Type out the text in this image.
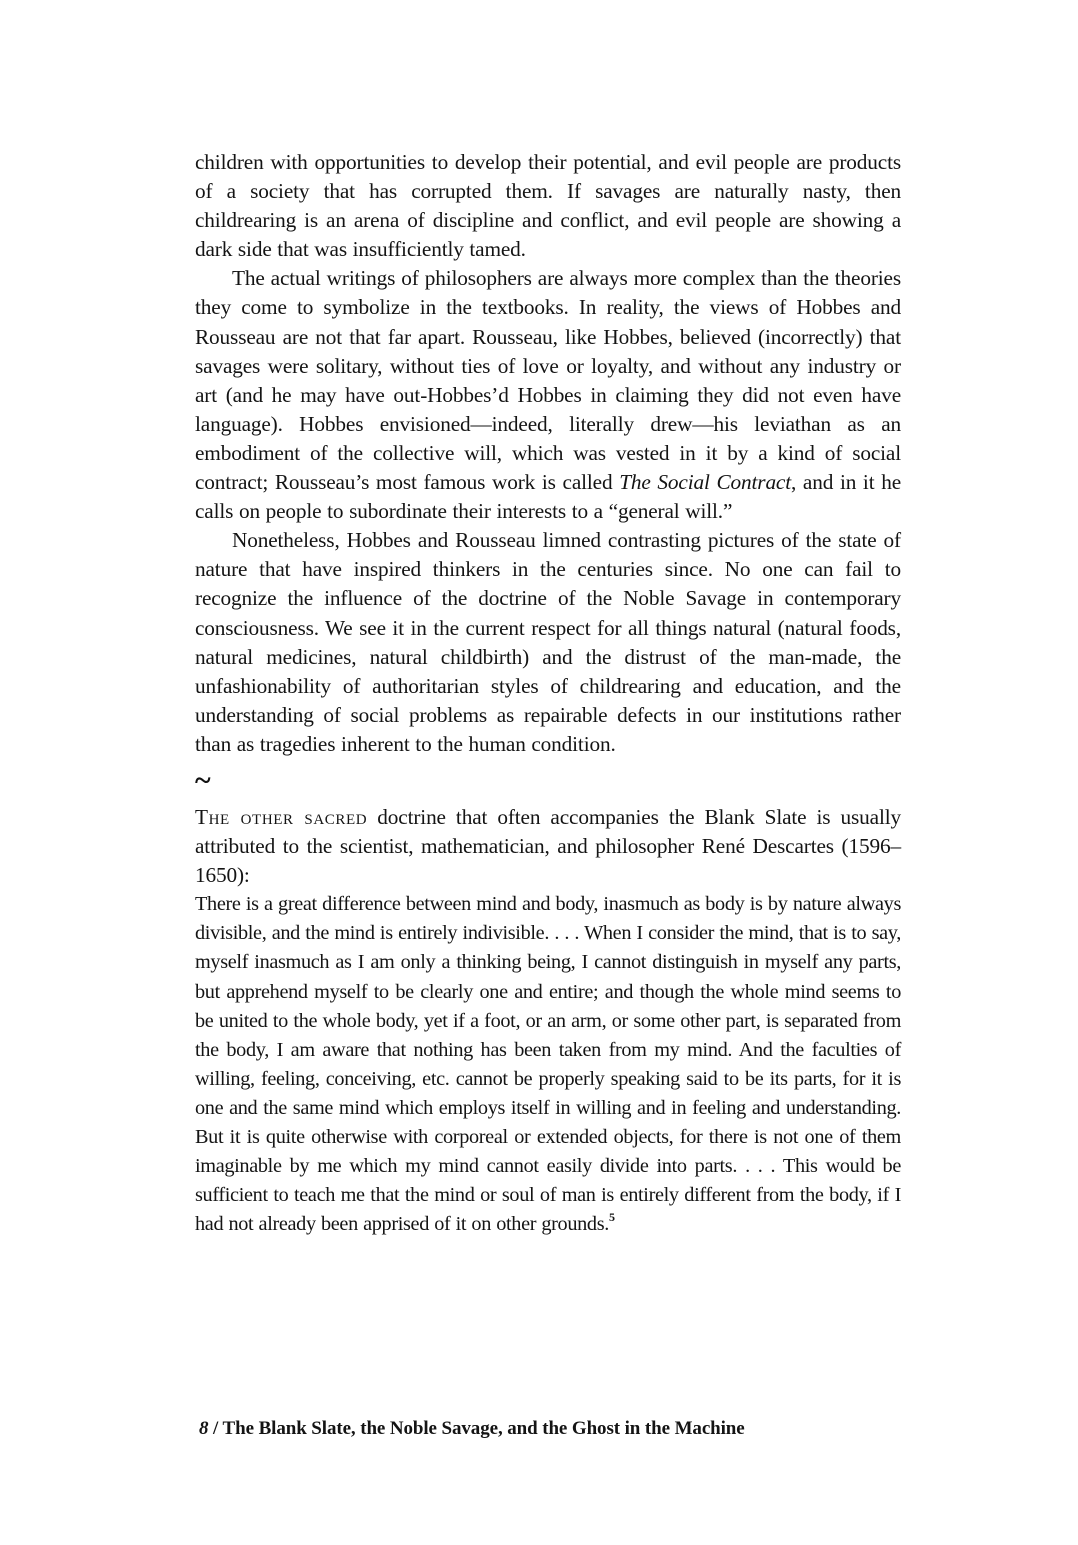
children with opportunities to develop their potential, and evil people are products of a society that has corrupted them. If savages are naturally nasty, then childrearing is an arena of discipline and conflict, and evil people are showing a dark side that was insufficiently tamed.

The actual writings of philosophers are always more complex than the theories they come to symbolize in the textbooks. In reality, the views of Hobbes and Rousseau are not that far apart. Rousseau, like Hobbes, believed (incorrectly) that savages were solitary, without ties of love or loyalty, and without any industry or art (and he may have out-Hobbes’d Hobbes in claiming they did not even have language). Hobbes envisioned—indeed, literally drew—his leviathan as an embodiment of the collective will, which was vested in it by a kind of social contract; Rousseau’s most famous work is called The Social Contract, and in it he calls on people to subordinate their interests to a “general will.”

Nonetheless, Hobbes and Rousseau limned contrasting pictures of the state of nature that have inspired thinkers in the centuries since. No one can fail to recognize the influence of the doctrine of the Noble Savage in contemporary consciousness. We see it in the current respect for all things natural (natural foods, natural medicines, natural childbirth) and the distrust of the man-made, the unfashionability of authoritarian styles of childrearing and education, and the understanding of social problems as repairable defects in our institutions rather than as tragedies inherent to the human condition.

~

The other sacred doctrine that often accompanies the Blank Slate is usually attributed to the scientist, mathematician, and philosopher René Descartes (1596–1650):

There is a great difference between mind and body, inasmuch as body is by nature always divisible, and the mind is entirely indivisible. . . . When I consider the mind, that is to say, myself inasmuch as I am only a thinking being, I cannot distinguish in myself any parts, but apprehend myself to be clearly one and entire; and though the whole mind seems to be united to the whole body, yet if a foot, or an arm, or some other part, is separated from the body, I am aware that nothing has been taken from my mind. And the faculties of willing, feeling, conceiving, etc. cannot be properly speaking said to be its parts, for it is one and the same mind which employs itself in willing and in feeling and understanding. But it is quite otherwise with corporeal or extended objects, for there is not one of them imaginable by me which my mind cannot easily divide into parts. . . . This would be sufficient to teach me that the mind or soul of man is entirely different from the body, if I had not already been apprised of it on other grounds.$^5$

8 / The Blank Slate, the Noble Savage, and the Ghost in the Machine
